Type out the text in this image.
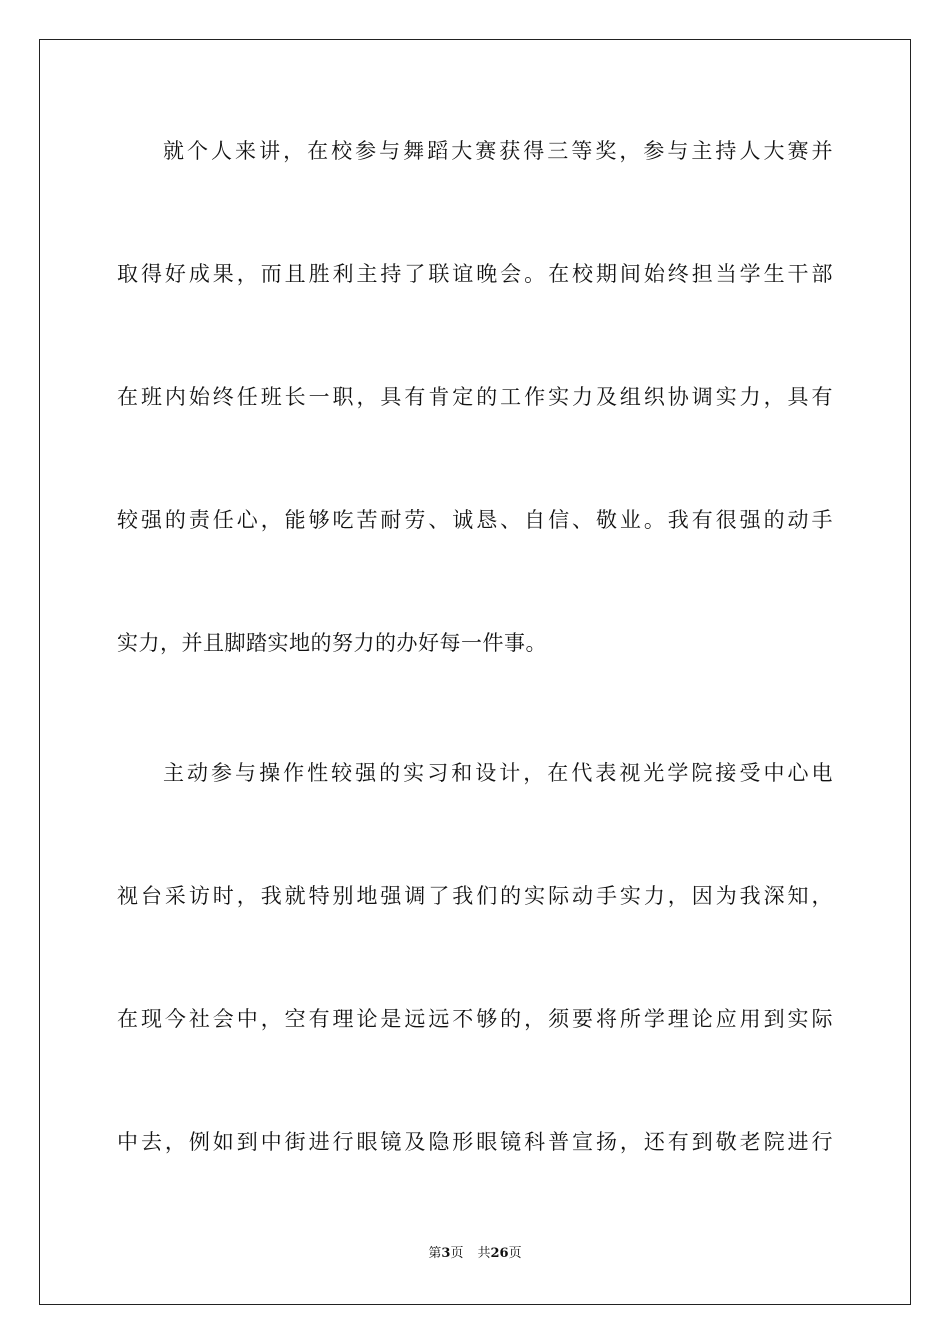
就个人来讲，在校参与舞蹈大赛获得三等奖，参与主持人大赛并
取得好成果，而且胜利主持了联谊晚会。在校期间始终担当学生干部
在班内始终任班长一职，具有肯定的工作实力及组织协调实力，具有
较强的责任心，能够吃苦耐劳、诚恳、自信、敬业。我有很强的动手
实力，并且脚踏实地的努力的办好每一件事。
主动参与操作性较强的实习和设计，在代表视光学院接受中心电
视台采访时，我就特别地强调了我们的实际动手实力，因为我深知，
在现今社会中，空有理论是远远不够的，须要将所学理论应用到实际
中去，例如到中街进行眼镜及隐形眼镜科普宣扬，还有到敬老院进行
第3页 共26页
